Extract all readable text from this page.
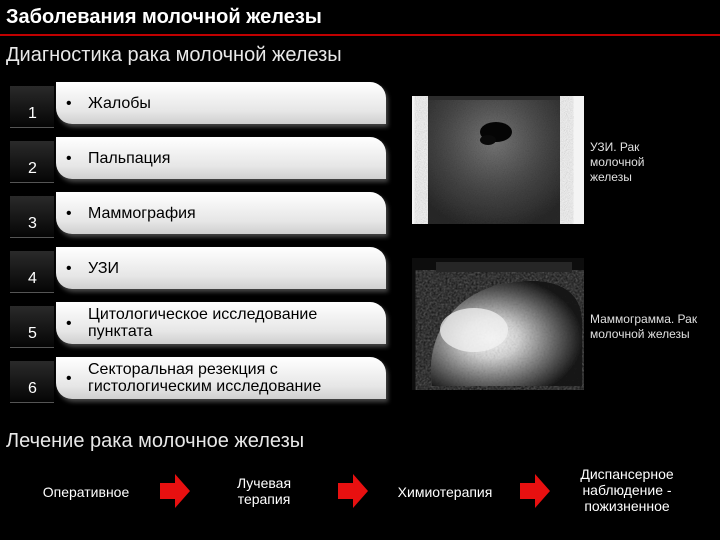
Заболевания молочной железы
Диагностика рака молочной железы
1
•	Жалобы
2
•	Пальпация
3
•	Маммография
4
•	УЗИ
5
•	Цитологическое исследование пунктата
6
•	Секторальная резекция с гистологическим исследование
УЗИ. Рак молочной железы
Маммограмма. Рак молочной железы
Лечение рака молочное железы
Оперативное
Лучевая терапия	Химиотерапия
Диспансерное наблюдение - пожизненное
